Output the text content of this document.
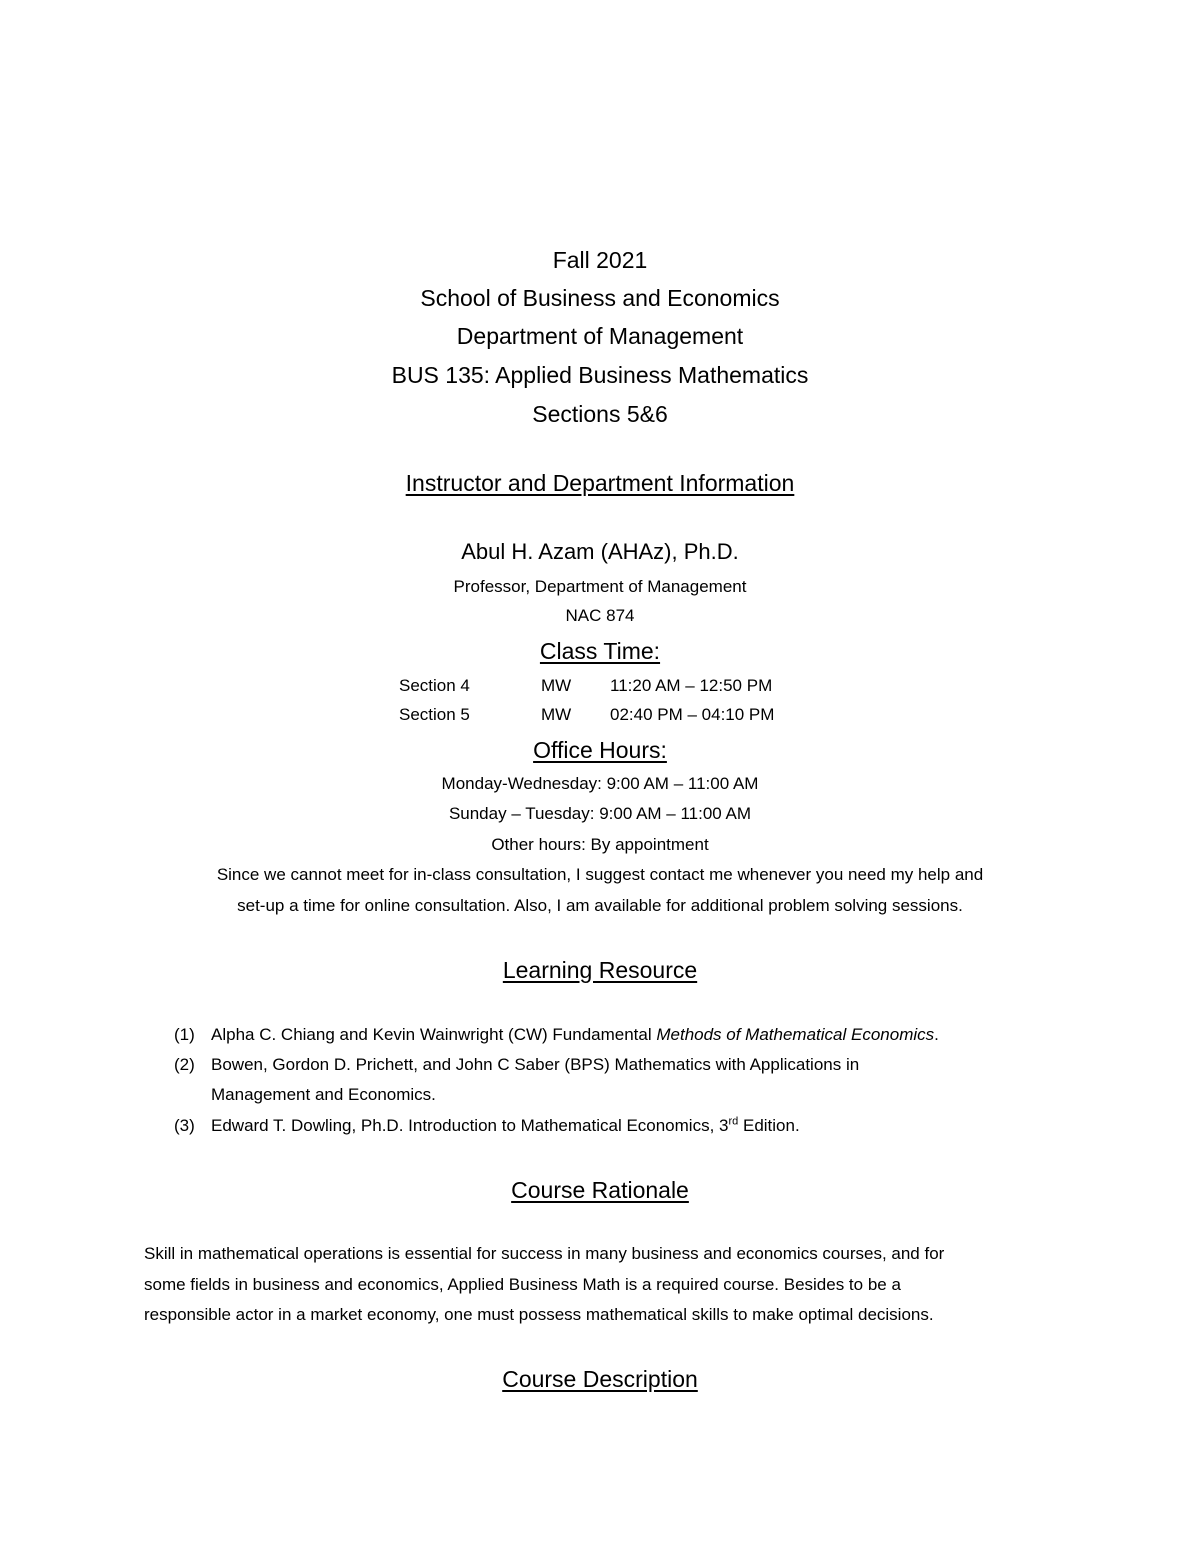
Fall 2021
School of Business and Economics
Department of Management
BUS 135: Applied Business Mathematics
Sections 5&6
Instructor and Department Information
Abul H. Azam (AHAz), Ph.D.
Professor, Department of Management
NAC 874
Class Time:
Section 4	MW 11:20 AM – 12:50 PM
Section 5	MW 02:40 PM – 04:10 PM
Office Hours:
Monday-Wednesday: 9:00 AM – 11:00 AM
Sunday – Tuesday: 9:00 AM – 11:00 AM
Other hours: By appointment
Since we cannot meet for in-class consultation, I suggest contact me whenever you need my help and
set-up a time for online consultation. Also, I am available for additional problem solving sessions.
Learning Resource
(1) Alpha C. Chiang and Kevin Wainwright (CW) Fundamental Methods of Mathematical Economics.
(2) Bowen, Gordon D. Prichett, and John C Saber (BPS) Mathematics with Applications in
Management and Economics.
(3) Edward T. Dowling, Ph.D. Introduction to Mathematical Economics, 3rd Edition.
Course Rationale
Skill in mathematical operations is essential for success in many business and economics courses, and for
some fields in business and economics, Applied Business Math is a required course. Besides to be a
responsible actor in a market economy, one must possess mathematical skills to make optimal decisions.
Course Description
